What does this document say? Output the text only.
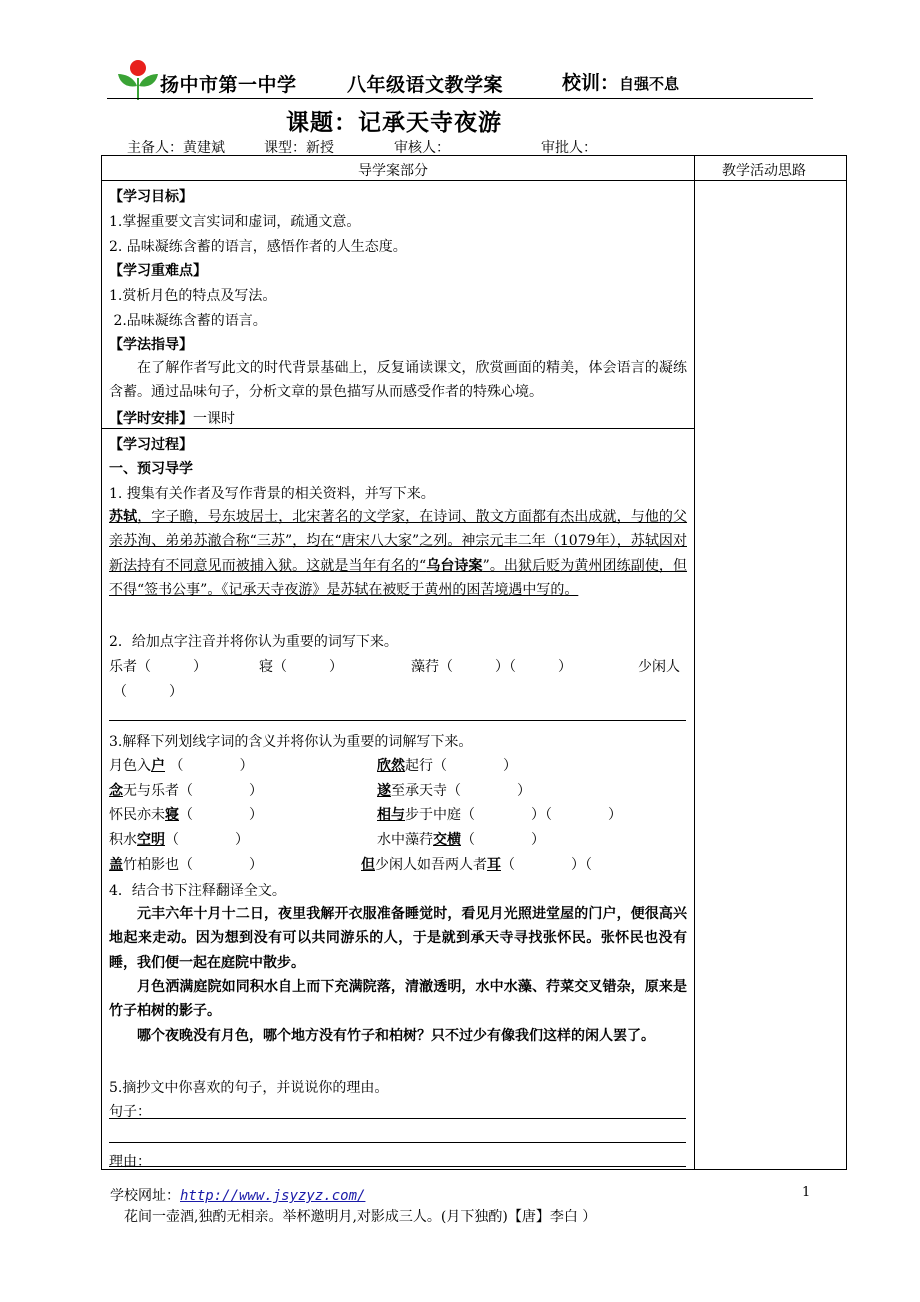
扬中市第一中学	八年级语文教学案	校训：自强不息
课题：记承天寺夜游
主备人：黄建斌	课型：新授	审核人：	审批人：
导学案部分	教学活动思路
【学习目标】
1.掌握重要文言实词和虚词，疏通文意。
2. 品味凝练含蓄的语言，感悟作者的人生态度。
【学习重难点】
1.赏析月色的特点及写法。
2.品味凝练含蓄的语言。
【学法指导】
在了解作者写此文的时代背景基础上，反复诵读课文，欣赏画面的精美，体会语言的凝练含蓄。通过品味句子，分析文章的景色描写从而感受作者的特殊心境。
【学时安排】一课时
【学习过程】
一、预习导学
1. 搜集有关作者及写作背景的相关资料，并写下来。
苏轼，字子瞻，号东坡居士，北宋著名的文学家，在诗词、散文方面都有杰出成就，与他的父亲苏洵、弟弟苏澈合称“三苏”，均在“唐宋八大家”之列。神宗元丰二年（1079年），苏轼因对新法持有不同意见而被捕入狱。这就是当年有名的“乌台诗案”。出狱后贬为黄州团练副使，但不得“签书公事”。《记承天寺夜游》是苏轼在被贬于黄州的困苦境遇中写的。
2．给加点字注音并将你认为重要的词写下来。
乐者（　　　）	寝（　　　）	藻荇（　　　）（　　　）	少闲人
（　　　）
3.解释下列划线字词的含义并将你认为重要的词解写下来。
月色入户 （　　　　）	欣然起行（　　　　）
念无与乐者（　　　　）	遂至承天寺（　　　　）
怀民亦未寝（　　　　）	相与步于中庭（　　　　）（　　　　）
积水空明（　　　　）	水中藻荇交横（　　　　）
盖竹柏影也（　　　　）	但少闲人如吾两人者耳（　　　　）（
4．结合书下注释翻译全文。
元丰六年十月十二日，夜里我解开衣服准备睡觉时，看见月光照进堂屋的门户，便很高兴地起来走动。因为想到没有可以共同游乐的人，于是就到承天寺寻找张怀民。张怀民也没有睡，我们便一起在庭院中散步。
月色洒满庭院如同积水自上而下充满院落，清澈透明，水中水藻、荇菜交叉错杂，原来是竹子柏树的影子。
哪个夜晚没有月色，哪个地方没有竹子和柏树？只不过少有像我们这样的闲人罢了。
5.摘抄文中你喜欢的句子，并说说你的理由。
句子：
理由：
学校网址：http://www.jsyzyz.com/	1
花间一壶酒,独酌无相亲。举杯邀明月,对影成三人。(月下独酌)【唐】李白 ）
